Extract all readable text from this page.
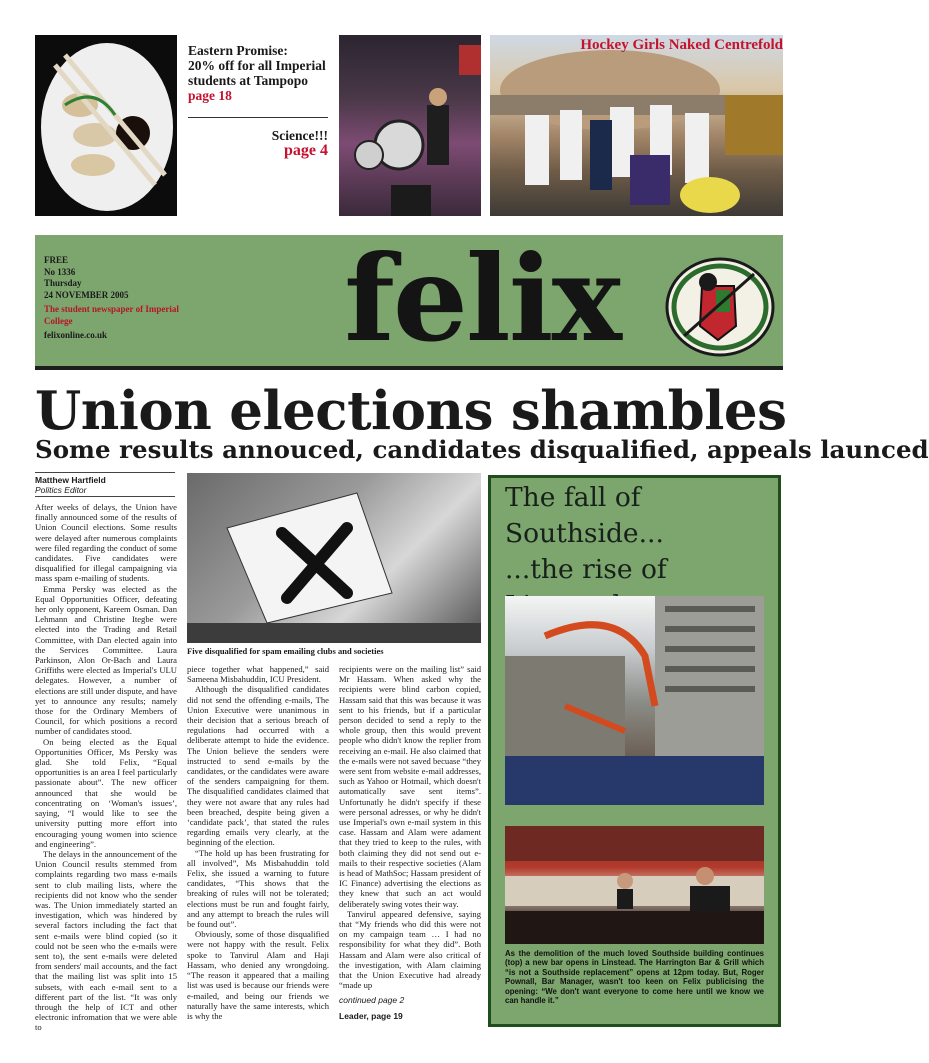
Eastern Promise:
20% off for all Imperial students at Tampopo
page 18
Science!!!
page 4
Hockey Girls Naked Centrefold
FREE
No 1336
Thursday
24 NOVEMBER 2005
The student newspaper of Imperial College
felixonline.co.uk	felix
Union elections shambles
Some results annouced, candidates disqualified, appeals launced
Matthew Hartfield
Politics Editor
Five disqualified for spam emailing clubs and societies

After weeks of delays, the Union have finally announced some of the results of Union Council elections. Some results were delayed after numerous complaints were filed regarding the conduct of some candidates. Five candidates were disqualified for illegal campaigning via mass spam e-mailing of students.

Emma Persky was elected as the Equal Opportunities Officer, defeating her only opponent, Kareem Osman. Dan Lehmann and Christine Itegbe were elected into the Trading and Retail Committee, with Dan elected again into the Services Committee. Laura Parkinson, Alon Or-Bach and Laura Griffiths were elected as Imperial's ULU delegates. However, a number of elections are still under dispute, and have yet to announce any results; namely those for the Ordinary Members of Council, for which positions a record number of candidates stood.

On being elected as the Equal Opportunities Officer, Ms Persky was glad. She told Felix, “Equal opportunities is an area I feel particularly passionate about”. The new officer announced that she would be concentrating on ‘Woman's issues’, saying, “I would like to see the university putting more effort into encouraging young women into science and engineering”.

The delays in the announcement of the Union Council results stemmed from complaints regarding two mass e-mails sent to club mailing lists, where the recipients did not know who the sender was. The Union immediately started an investigation, which was hindered by several factors including the fact that sent e-mails were blind copied (so it could not be seen who the e-mails were sent to), the sent e-mails were deleted from senders' mail accounts, and the fact that the mailing list was split into 15 subsets, with each e-mail sent to a different part of the list. “It was only through the help of ICT and other electronic infromation that we were able to

piece together what happened,” said Sameena Misbahuddin, ICU President.

Although the disqualified candidates did not send the offending e-mails, The Union Executive were unanimous in their decision that a serious breach of regulations had occurred with a deliberate attempt to hide the evidence. The Union believe the senders were instructed to send e-mails by the candidates, or the candidates were aware of the senders campaigning for them. The disqualified candidates claimed that they were not aware that any rules had been breached, despite being given a ‘candidate pack’, that stated the rules regarding emails very clearly, at the beginning of the election.

“The hold up has been frustrating for all involved”, Ms Misbahuddin told Felix, she issued a warning to future candidates, “This shows that the breaking of rules will not be tolerated; elections must be run and fought fairly, and any attempt to breach the rules will be found out”.

Obviously, some of those disqualified were not happy with the result. Felix spoke to Tanvirul Alam and Haji Hassam, who denied any wrongdoing. “The reason it appeared that a mailing list was used is because our friends were e-mailed, and being our friends we naturally have the same interests, which is why the

recipients were on the mailing list” said Mr Hassam. When asked why the recipients were blind carbon copied, Hassam said that this was because it was sent to his friends, but if a particular person decided to send a reply to the whole group, then this would prevent people who didn't know the replier from receiving an e-mail. He also claimed that the e-mails were not saved becuase “they were sent from website e-mail addresses, such as Yahoo or Hotmail, which doesn't automatically save sent items”. Unfortunatly he didn't specify if these were personal adresses, or why he didn't use Imperial's own e-mail system in this case. Hassam and Alam were adament that they tried to keep to the rules, with both claiming they did not send out e-mails to their respective societies (Alam is head of MathSoc; Hassam president of IC Finance) advertising the elections as they knew that such an act would deliberately swing votes their way.

Tanvirul appeared defensive, saying that “My friends who did this were not on my campaign team … I had no responsibility for what they did”. Both Hassam and Alam were also critical of the investigation, with Alam claiming that the Union Executive had already “made up

continued page 2
Leader, page 19
The fall of
Southside...
...the rise of
As the demolition of the much loved Southside building continues (top) a new bar opens in Linstead. The Harrington Bar & Grill which “is not a Southside replacement” opens at 12pm today. But, Roger Pownall, Bar Manager, wasn't too keen on Felix publicising the opening: “We don't want everyone to come here until we know we can handle it.”
